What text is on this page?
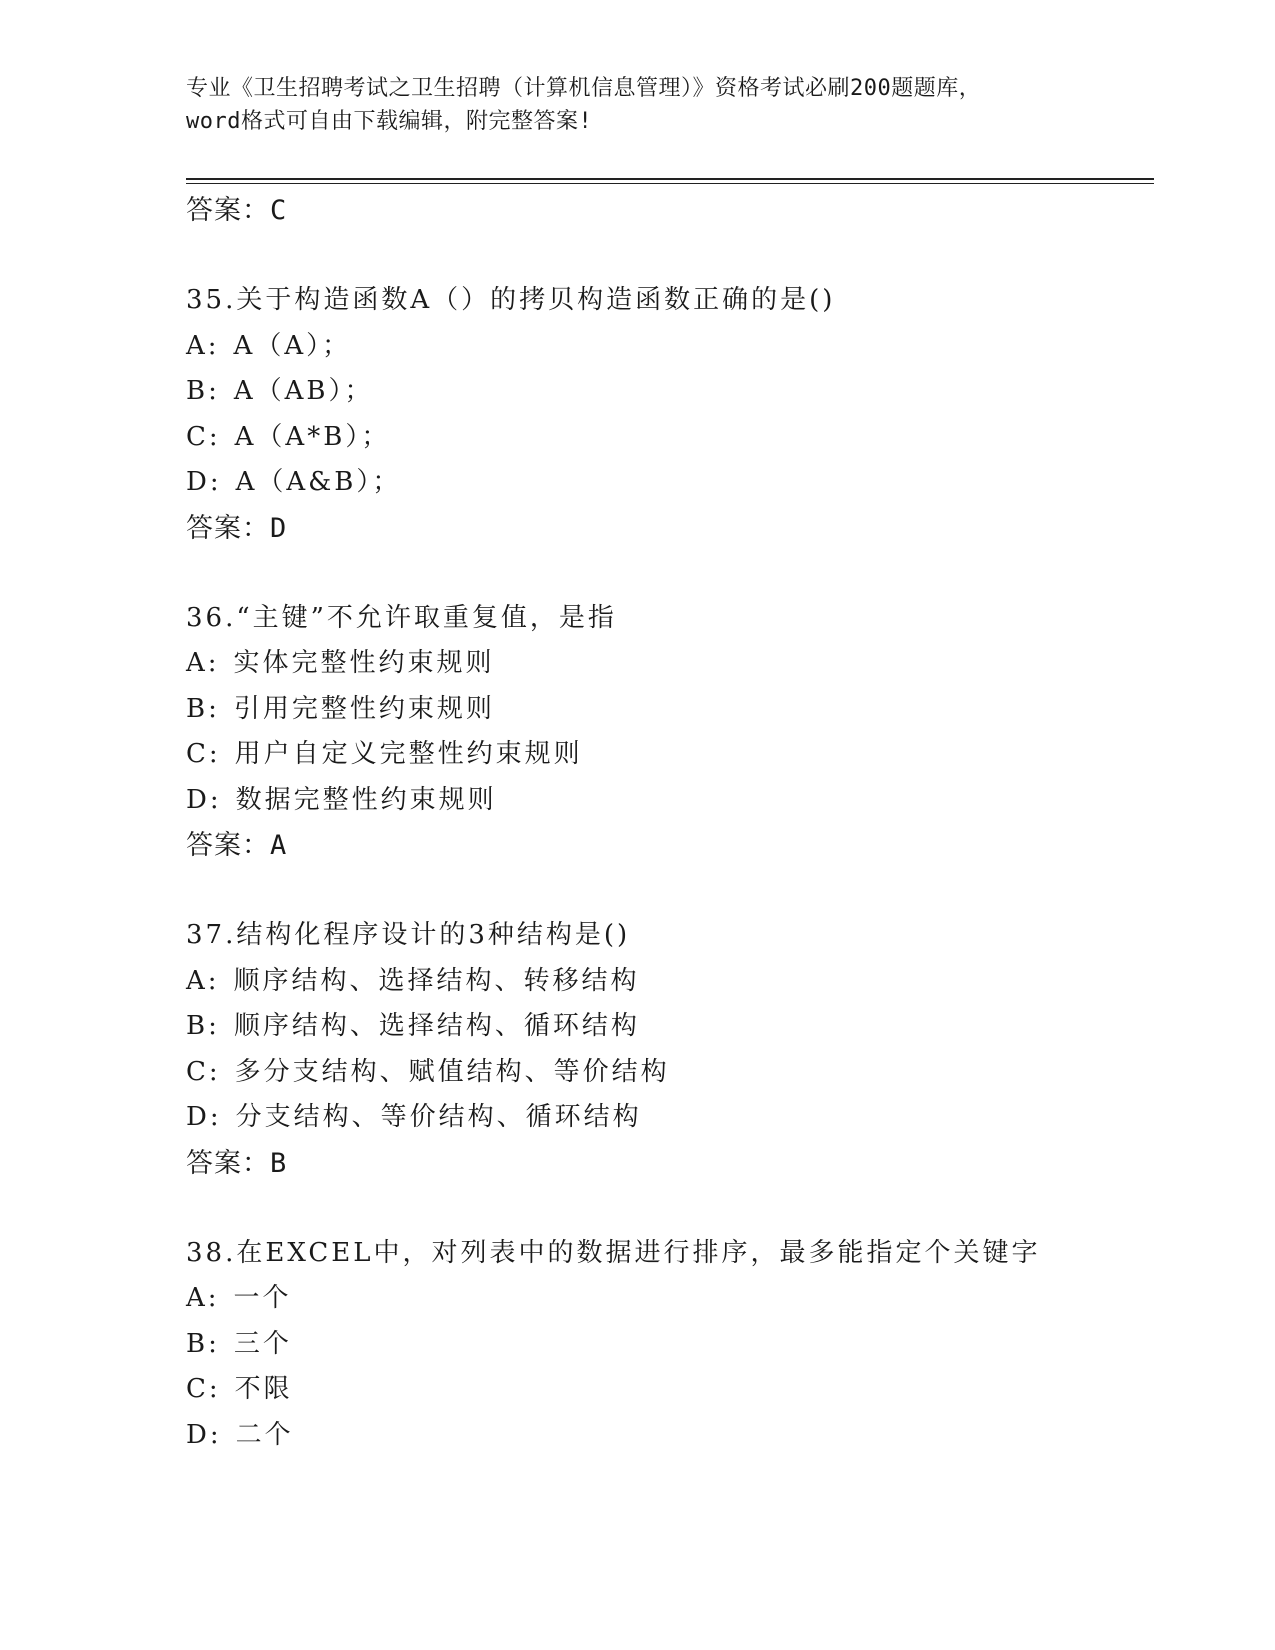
专业《卫生招聘考试之卫生招聘（计算机信息管理）》资格考试必刷200题题库，
word格式可自由下载编辑，附完整答案!
答案：C
35.关于构造函数A（）的拷贝构造函数正确的是()
A: A（A）；
B: A（AB）；
C: A（A*B）；
D: A（A&B）；
答案：D
36.“主键”不允许取重复值，是指
A: 实体完整性约束规则
B: 引用完整性约束规则
C: 用户自定义完整性约束规则
D: 数据完整性约束规则
答案：A
37.结构化程序设计的3种结构是()
A: 顺序结构、选择结构、转移结构
B: 顺序结构、选择结构、循环结构
C: 多分支结构、赋值结构、等价结构
D: 分支结构、等价结构、循环结构
答案：B
38.在EXCEL中，对列表中的数据进行排序，最多能指定个关键字
A: 一个
B: 三个
C: 不限
D: 二个
